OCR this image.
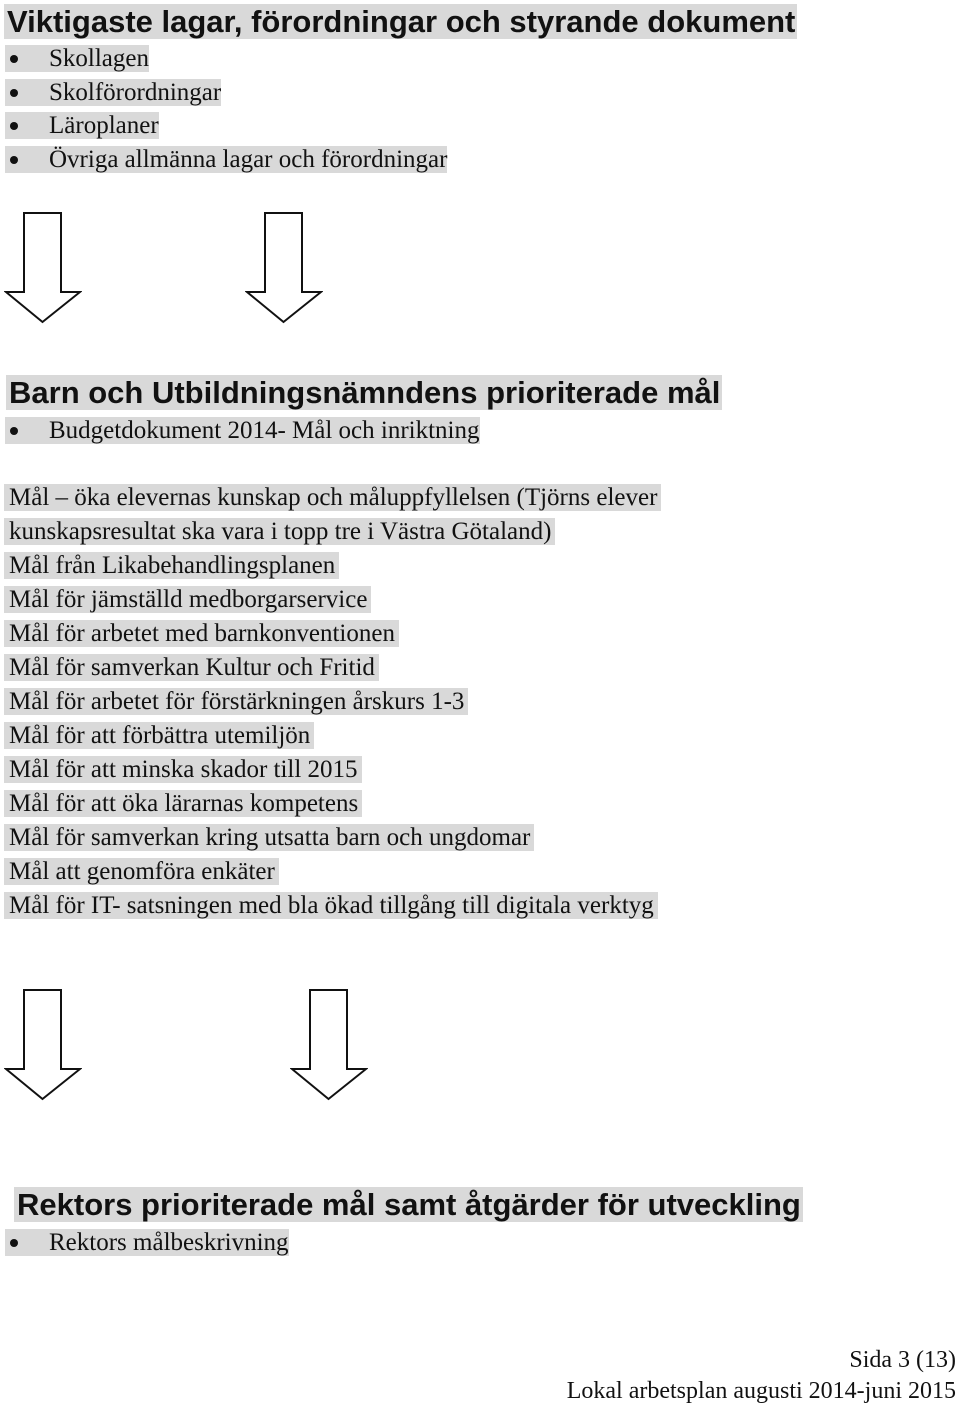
Viktigaste lagar, förordningar och styrande dokument
Skollagen
Skolförordningar
Läroplaner
Övriga allmänna lagar och förordningar
Barn och Utbildningsnämndens prioriterade mål
Budgetdokument 2014- Mål och inriktning
Mål – öka elevernas kunskap och måluppfyllelsen (Tjörns elever
kunskapsresultat ska vara i topp tre i Västra Götaland)
Mål från Likabehandlingsplanen
Mål för jämställd medborgarservice
Mål för arbetet med barnkonventionen
Mål för samverkan Kultur och Fritid
Mål för arbetet för förstärkningen årskurs 1-3
Mål för att förbättra utemiljön
Mål för att minska skador till 2015
Mål för att öka lärarnas kompetens
Mål för samverkan kring utsatta barn och ungdomar
Mål att genomföra enkäter
Mål för IT- satsningen med bla ökad tillgång till digitala verktyg
Rektors prioriterade mål samt åtgärder för utveckling
Rektors målbeskrivning
Sida 3 (13)
Lokal arbetsplan augusti 2014-juni 2015
